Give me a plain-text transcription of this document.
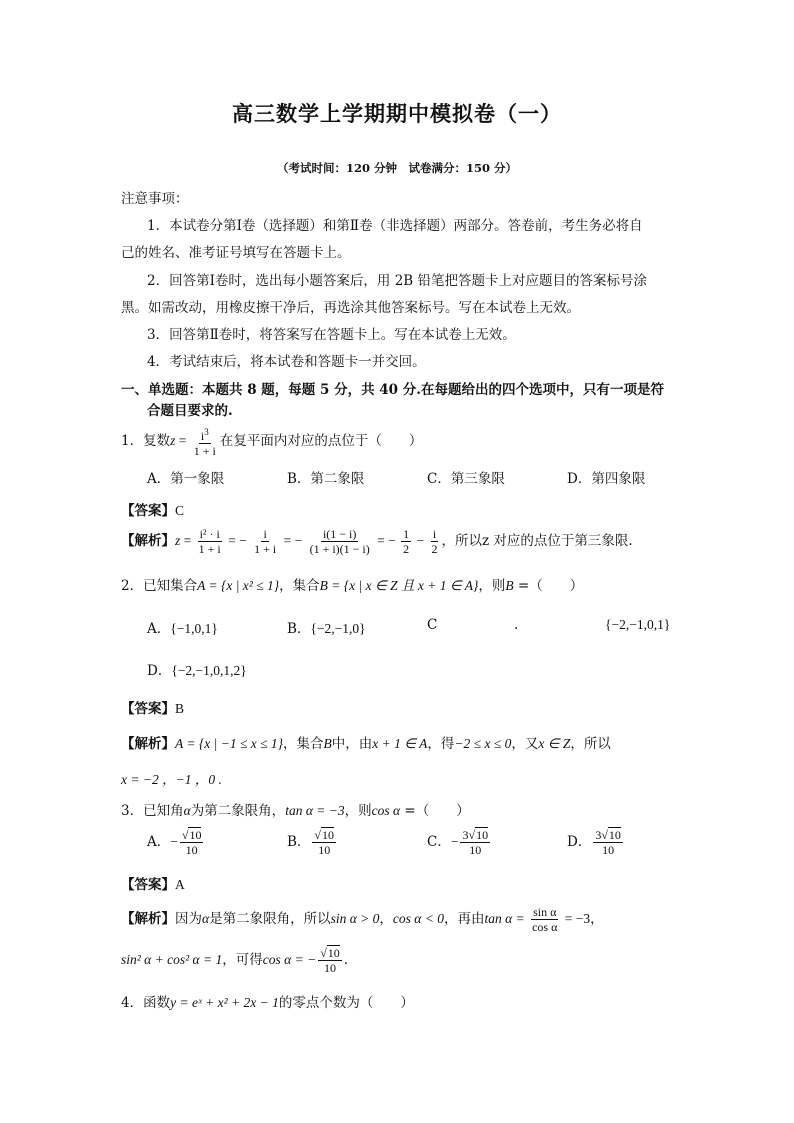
高三数学上学期期中模拟卷（一）
（考试时间：120 分钟　试卷满分：150 分）
注意事项：
1．本试卷分第Ⅰ卷（选择题）和第Ⅱ卷（非选择题）两部分。答卷前，考生务必将自
己的姓名、准考证号填写在答题卡上。
2．回答第Ⅰ卷时，选出每小题答案后，用 2B 铅笔把答题卡上对应题目的答案标号涂
黑。如需改动，用橡皮擦干净后，再选涂其他答案标号。写在本试卷上无效。
3．回答第Ⅱ卷时，将答案写在答题卡上。写在本试卷上无效。
4．考试结束后，将本试卷和答题卡一并交回。
一、单选题：本题共 8 题，每题 5 分，共 40 分.在每题给出的四个选项中，只有一项是符
合题目要求的.
1．复数$z = \frac{i^3}{1 + i}$ 在复平面内对应的点位于（　　）
A．第一象限	B．第二象限	C．第三象限	D．第四象限
【答案】C
【解析】$z = \frac{\text{i² · i}}{1 + i}$ = − $\frac{i}{1 + i}$ = − $\frac{i(1 - i)}{(1 + i)(1 - i)}$ = − $\frac{1}{2} - \frac{i}{2}$ ，所以z 对应的点位于第三象限.
2．已知集合A = {x | x² ≤ 1}，集合B = {x | x ∈ Z 且 x + 1 ∈ A}，则B =（　　）
A．{−1,0,1}	B．{−2,−1,0}	C	.	{−2,−1,0,1}
D．{−2,−1,0,1,2}
【答案】B
【解析】A = {x | −1 ≤ x ≤ 1}，集合B中，由x + 1 ∈ A，得−2 ≤ x ≤ 0，又x ∈ Z，所以
x = −2 ，−1 ，0 .
3．已知角α为第二象限角，tan α = −3，则cos α =（　　）
A．− $\frac{√10}{10}$	B． $\frac{√10}{10}$	C．− $\frac{3√10}{10}$	D． $\frac{3√10}{10}$
【答案】A
【解析】因为α是第二象限角，所以sin α > 0，cos α < 0，再由$\tan \alpha = \frac{\text{sin α}}{\text{cos α}} = -3$，
sin² α + cos² α = 1，可得cos α = − $\frac{√10}{10}$ .
4．函数y = eˣ + x² + 2x − 1的零点个数为（　　）
